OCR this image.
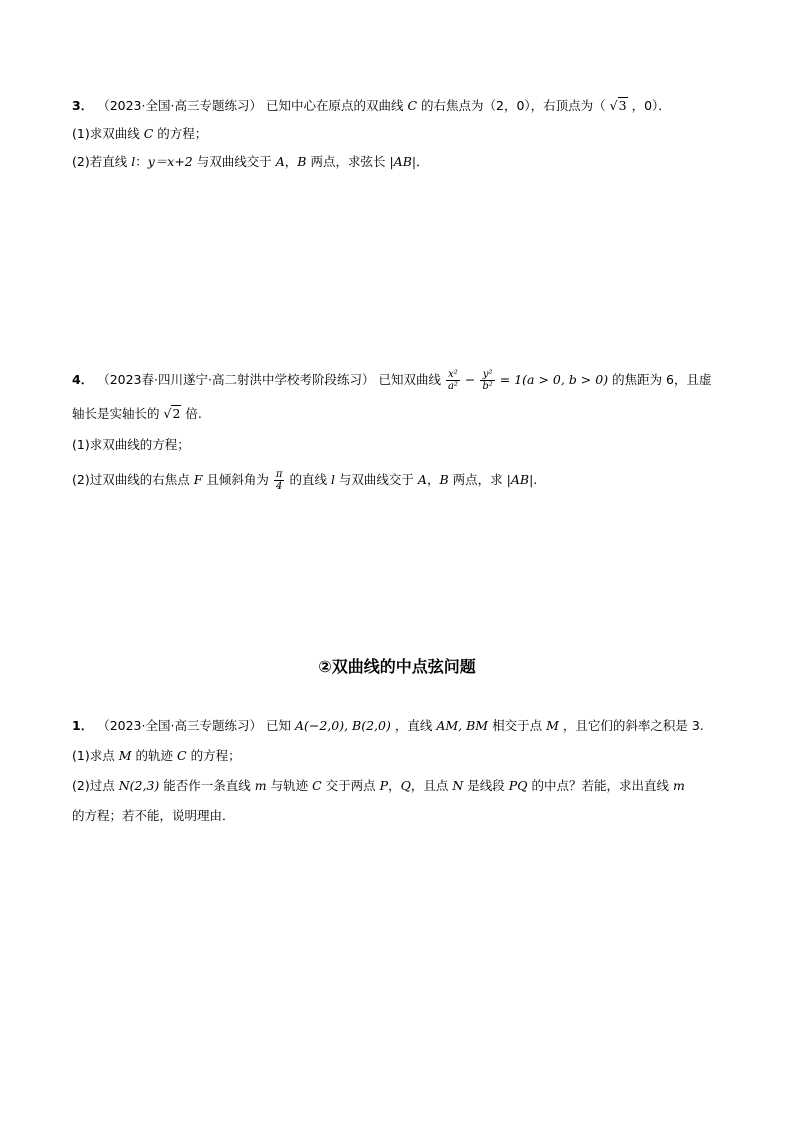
3． （2023·全国·高三专题练习） 已知中心在原点的双曲线 C 的右焦点为（2，0），右顶点为（ √3 ，0）．
(1)求双曲线 C 的方程；
(2)若直线 l：y＝x+2 与双曲线交于 A，B 两点，求弦长 |AB|．
4． （2023春·四川遂宁·高二射洪中学校考阶段练习） 已知双曲线 $\frac{\text{x²}}{\text{a²}} - \frac{\text{y²}}{\text{b²}} = 1(a > 0$, b > 0) 的焦距为 6，且虚
轴长是实轴长的 √2 倍.
(1)求双曲线的方程；
(2)过双曲线的右焦点 F 且倾斜角为 $\frac{\pi}{4}$ 的直线 l 与双曲线交于 A，B 两点，求 |AB|.
②双曲线的中点弦问题
1． （2023·全国·高三专题练习） 已知 A(−2,0), B(2,0) ，直线 AM, BM 相交于点 M ，且它们的斜率之积是 3.
(1)求点 M 的轨迹 C 的方程；
(2)过点 N(2,3) 能否作一条直线 m 与轨迹 C 交于两点 P，Q，且点 N 是线段 PQ 的中点？若能，求出直线 m
的方程；若不能，说明理由．
